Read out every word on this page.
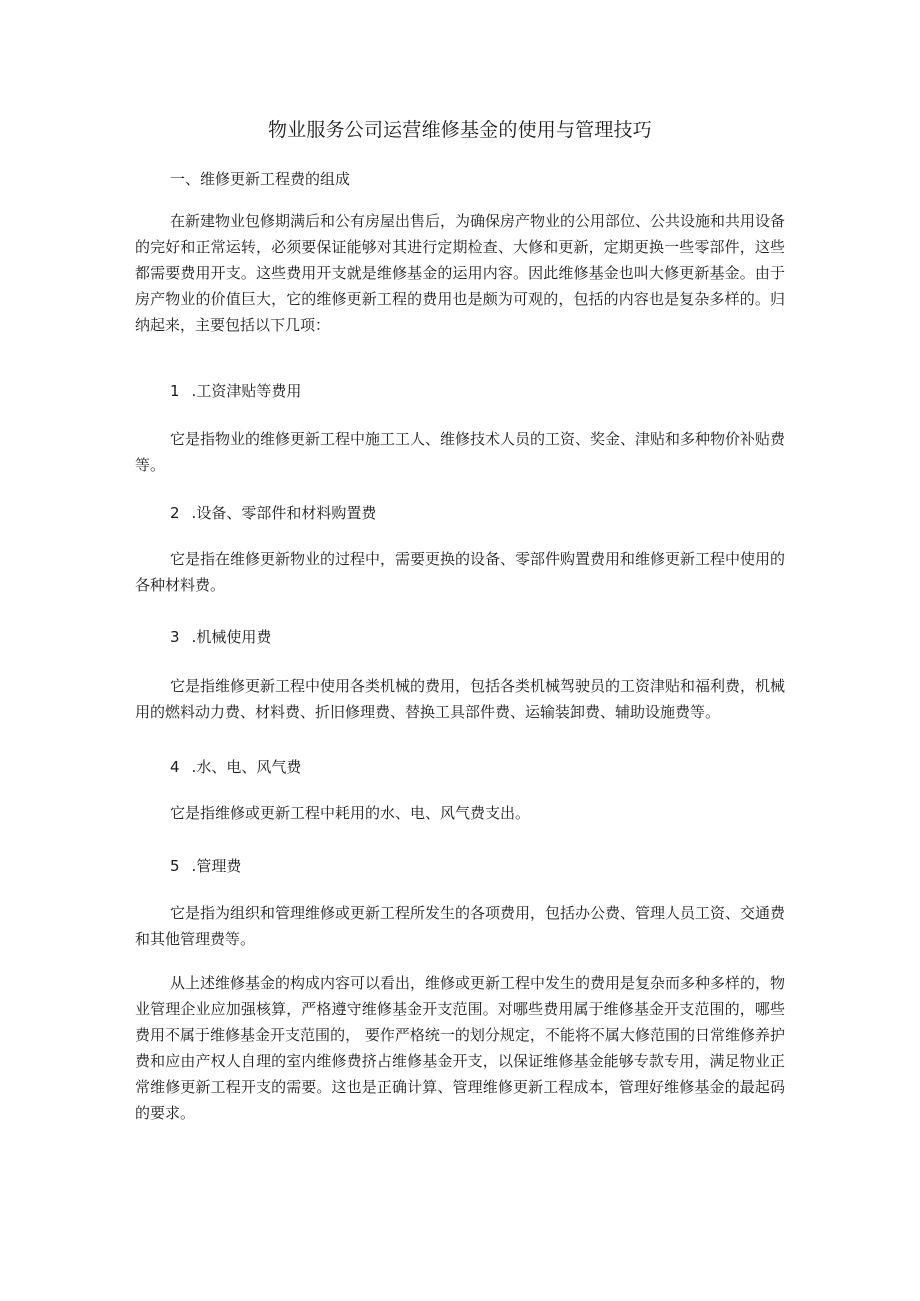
物业服务公司运营维修基金的使用与管理技巧
一、维修更新工程费的组成
在新建物业包修期满后和公有房屋出售后，为确保房产物业的公用部位、公共设施和共用设备的完好和正常运转，必须要保证能够对其进行定期检查、大修和更新，定期更换一些零部件，这些都需要费用开支。这些费用开支就是维修基金的运用内容。因此维修基金也叫大修更新基金。由于房产物业的价值巨大，它的维修更新工程的费用也是颇为可观的，包括的内容也是复杂多样的。归纳起来，主要包括以下几项：
1 .工资津贴等费用
它是指物业的维修更新工程中施工工人、维修技术人员的工资、奖金、津贴和多种物价补贴费等。
2 .设备、零部件和材料购置费
它是指在维修更新物业的过程中，需要更换的设备、零部件购置费用和维修更新工程中使用的各种材料费。
3 .机械使用费
它是指维修更新工程中使用各类机械的费用，包括各类机械驾驶员的工资津贴和福利费，机械用的燃料动力费、材料费、折旧修理费、替换工具部件费、运输装卸费、辅助设施费等。
4 .水、电、风气费
它是指维修或更新工程中耗用的水、电、风气费支出。
5 .管理费
它是指为组织和管理维修或更新工程所发生的各项费用，包括办公费、管理人员工资、交通费和其他管理费等。
从上述维修基金的构成内容可以看出，维修或更新工程中发生的费用是复杂而多种多样的，物业管理企业应加强核算，严格遵守维修基金开支范围。对哪些费用属于维修基金开支范围的，哪些费用不属于维修基金开支范围的， 要作严格统一的划分规定，不能将不属大修范围的日常维修养护费和应由产权人自理的室内维修费挤占维修基金开支，以保证维修基金能够专款专用，满足物业正常维修更新工程开支的需要。这也是正确计算、管理维修更新工程成本，管理好维修基金的最起码的要求。
